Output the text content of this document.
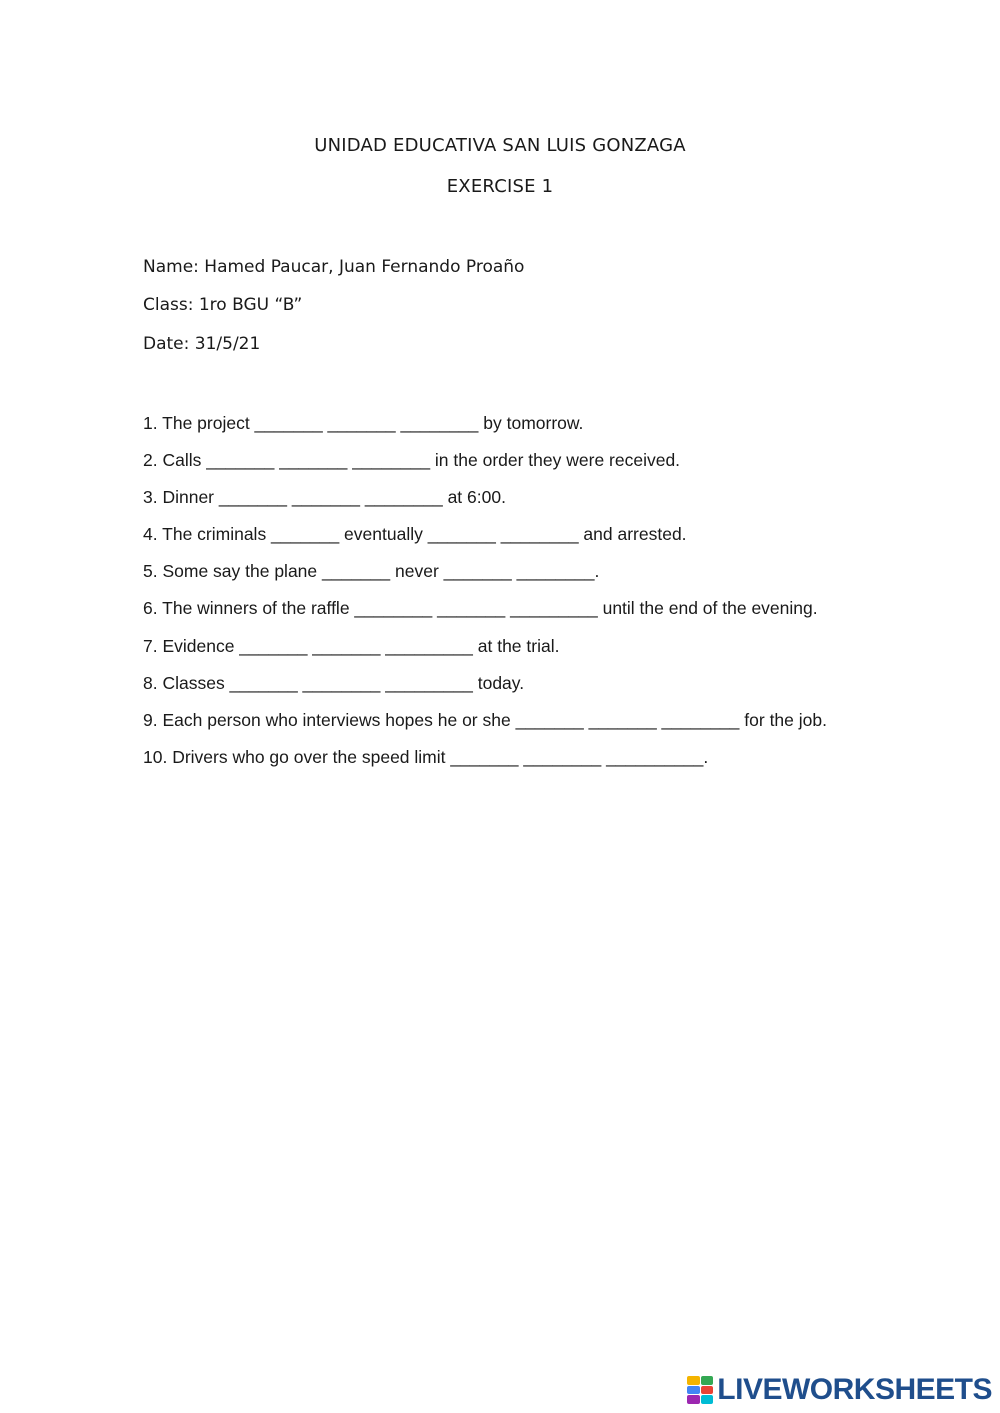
UNIDAD EDUCATIVA SAN LUIS GONZAGA
EXERCISE 1
Name: Hamed Paucar, Juan Fernando Proaño
Class: 1ro BGU “B”
Date: 31/5/21
1. The project _______ _______ ________ by tomorrow.
2. Calls _______ _______ ________ in the order they were received.
3. Dinner _______ _______ ________ at 6:00.
4. The criminals _______ eventually _______ ________ and arrested.
5. Some say the plane _______ never _______ ________.
6. The winners of the raffle ________ _______ _________ until the end of the evening.
7. Evidence _______ _______ _________ at the trial.
8. Classes _______ ________ _________ today.
9. Each person who interviews hopes he or she _______ _______ ________ for the job.
10. Drivers who go over the speed limit _______ ________ __________.
LIVEWORKSHEETS
